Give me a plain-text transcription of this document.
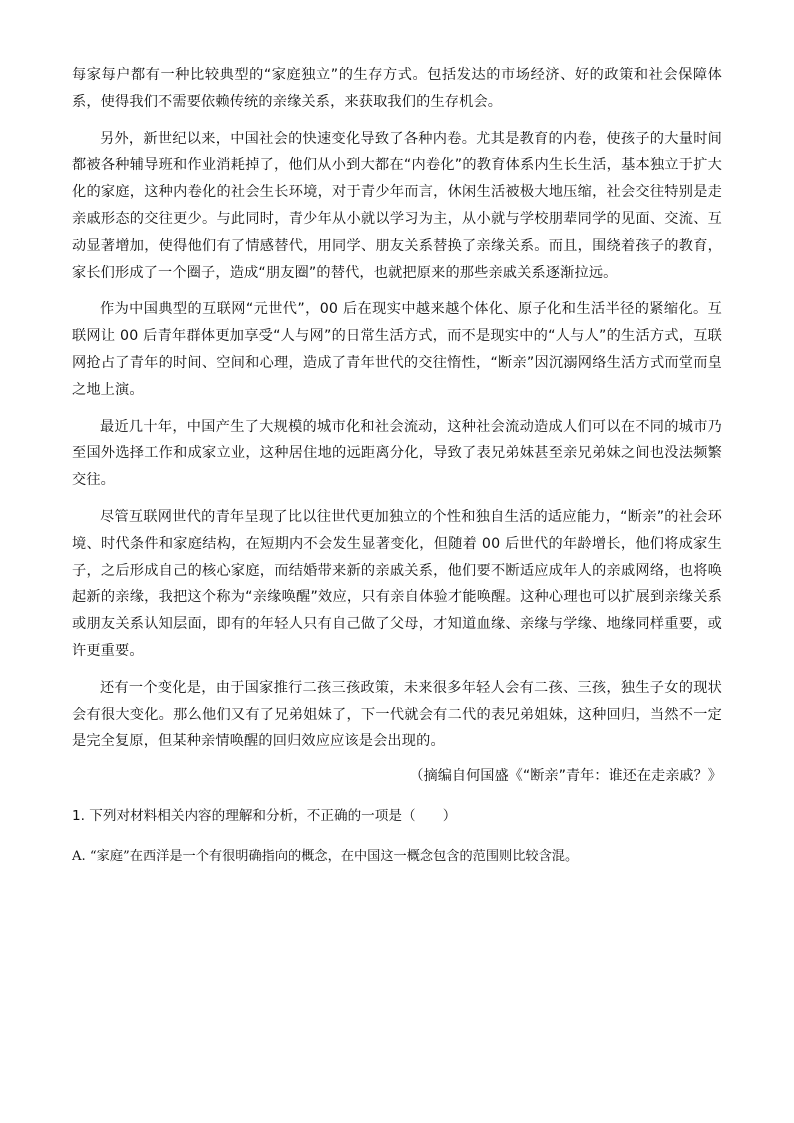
每家每户都有一种比较典型的“家庭独立”的生存方式。包括发达的市场经济、好的政策和社会保障体系，使得我们不需要依赖传统的亲缘关系，来获取我们的生存机会。

另外，新世纪以来，中国社会的快速变化导致了各种内卷。尤其是教育的内卷，使孩子的大量时间都被各种辅导班和作业消耗掉了，他们从小到大都在“内卷化”的教育体系内生长生活，基本独立于扩大化的家庭，这种内卷化的社会生长环境，对于青少年而言，休闲生活被极大地压缩，社会交往特别是走亲戚形态的交往更少。与此同时，青少年从小就以学习为主，从小就与学校朋辈同学的见面、交流、互动显著增加，使得他们有了情感替代，用同学、朋友关系替换了亲缘关系。而且，围绕着孩子的教育，家长们形成了一个圈子，造成“朋友圈”的替代，也就把原来的那些亲戚关系逐渐拉远。

作为中国典型的互联网“元世代”，00 后在现实中越来越个体化、原子化和生活半径的紧缩化。互联网让 00 后青年群体更加享受“人与网”的日常生活方式，而不是现实中的“人与人”的生活方式，互联网抢占了青年的时间、空间和心理，造成了青年世代的交往惰性，“断亲”因沉溺网络生活方式而堂而皇之地上演。

最近几十年，中国产生了大规模的城市化和社会流动，这种社会流动造成人们可以在不同的城市乃至国外选择工作和成家立业，这种居住地的远距离分化，导致了表兄弟妹甚至亲兄弟妹之间也没法频繁交往。

尽管互联网世代的青年呈现了比以往世代更加独立的个性和独自生活的适应能力，“断亲”的社会环境、时代条件和家庭结构，在短期内不会发生显著变化，但随着 00 后世代的年龄增长，他们将成家生子，之后形成自己的核心家庭，而结婚带来新的亲戚关系，他们要不断适应成年人的亲戚网络，也将唤起新的亲缘，我把这个称为“亲缘唤醒”效应，只有亲自体验才能唤醒。这种心理也可以扩展到亲缘关系或朋友关系认知层面，即有的年轻人只有自己做了父母，才知道血缘、亲缘与学缘、地缘同样重要，或许更重要。

还有一个变化是，由于国家推行二孩三孩政策，未来很多年轻人会有二孩、三孩，独生子女的现状会有很大变化。那么他们又有了兄弟姐妹了，下一代就会有二代的表兄弟姐妹，这种回归，当然不一定是完全复原，但某种亲情唤醒的回归效应应该是会出现的。

（摘编自何国盛《“断亲”青年：谁还在走亲戚？》

1. 下列对材料相关内容的理解和分析，不正确的一项是（　　）

A. “家庭”在西洋是一个有很明确指向的概念，在中国这一概念包含的范围则比较含混。
